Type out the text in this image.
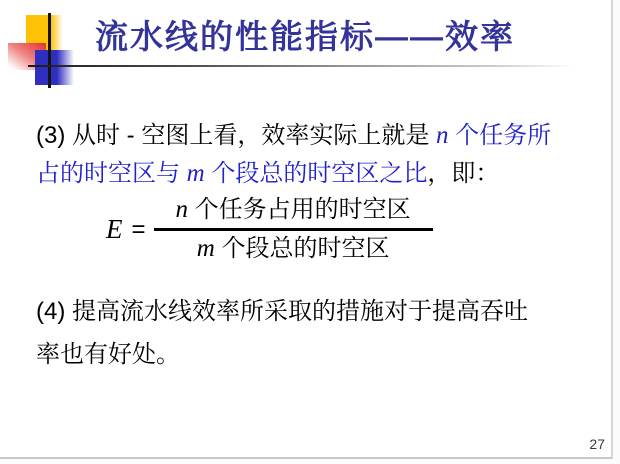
流水线的性能指标——效率

(3) 从时 - 空图上看，效率实际上就是 n 个任务所
占的时空区与 m 个段总的时空区之比，即：

$E = \frac{\text{n 个任务占用的时空区}}{\text{m 个段总的时空区}}$

(4) 提高流水线效率所采取的措施对于提高吞吐
率也有好处。

27
